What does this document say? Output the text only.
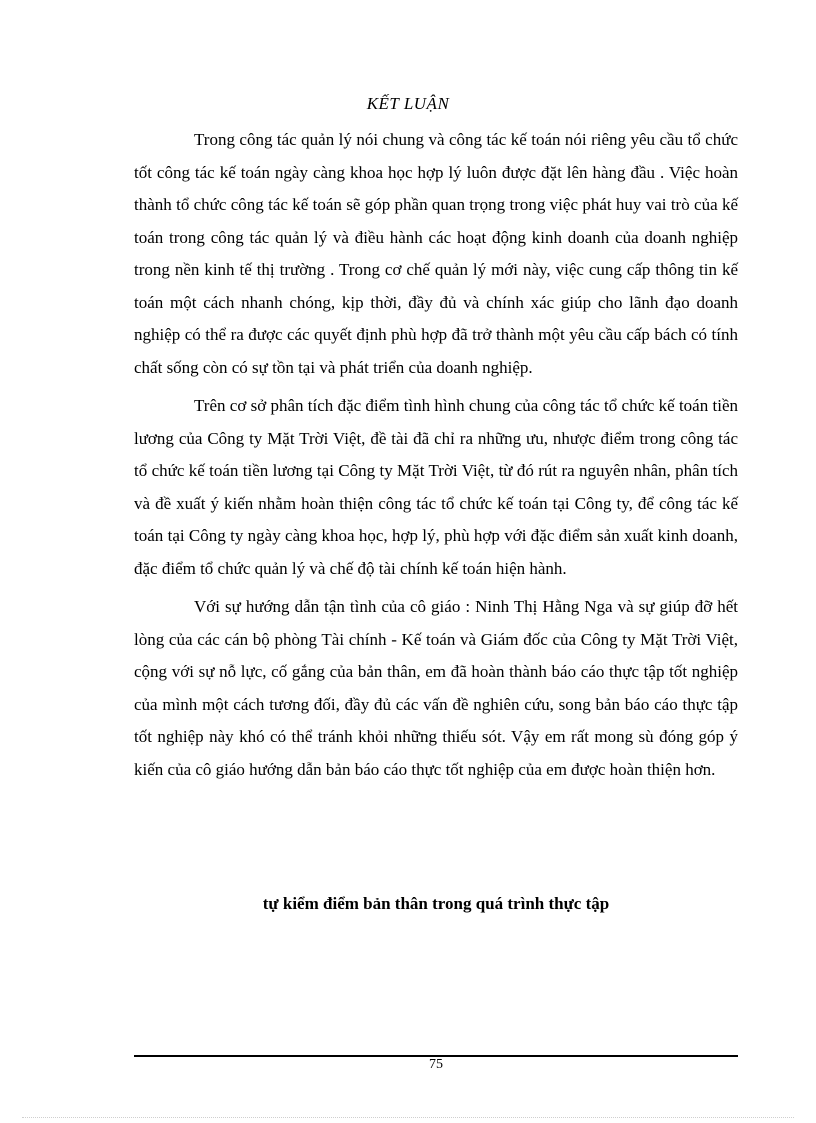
KẾT LUẬN

Trong công tác quản lý nói chung và công tác kế toán nói riêng yêu cầu tổ chức tốt công tác kế toán ngày càng khoa học hợp lý luôn được đặt lên hàng đầu . Việc hoàn thành tổ chức công tác kế toán sẽ góp phần quan trọng trong việc phát huy vai trò của kế toán trong công tác quản lý và điều hành các hoạt động kinh doanh của doanh nghiệp trong nền kinh tế thị trường . Trong cơ chế quản lý mới này, việc cung cấp thông tin kế toán một cách nhanh chóng, kịp thời, đầy đủ và chính xác giúp cho lãnh đạo doanh nghiệp có thể ra được các quyết định phù hợp đã trở thành một yêu cầu cấp bách có tính chất sống còn có sự tồn tại và phát triển của doanh nghiệp.

Trên cơ sở phân tích đặc điểm tình hình chung của công tác tổ chức kế toán tiền lương của Công ty Mặt Trời Việt, đề tài đã chỉ ra những ưu, nhược điểm trong công tác tổ chức kế toán tiền lương tại Công ty Mặt Trời Việt, từ đó rút ra nguyên nhân, phân tích và đề xuất ý kiến nhằm hoàn thiện công tác tổ chức kế toán tại Công ty, để công tác kế toán tại Công ty ngày càng khoa học, hợp lý, phù hợp với đặc điểm sản xuất kinh doanh, đặc điểm tổ chức quản lý và chế độ tài chính kế toán hiện hành.

Với sự hướng dẫn tận tình của cô giáo : Ninh Thị Hằng Nga và sự giúp đỡ hết lòng của các cán bộ phòng Tài chính - Kế toán và Giám đốc của Công ty Mặt Trời Việt, cộng với sự nỗ lực, cố gắng của bản thân, em đã hoàn thành báo cáo thực tập tốt nghiệp của mình một cách tương đối, đầy đủ các vấn đề nghiên cứu, song bản báo cáo thực tập tốt nghiệp này khó có thể tránh khỏi những thiếu sót. Vậy em rất mong sù đóng góp ý kiến của cô giáo hướng dẫn bản báo cáo thực tốt nghiệp của em được hoàn thiện hơn.

tự kiểm điểm bản thân trong quá trình thực tập
75
